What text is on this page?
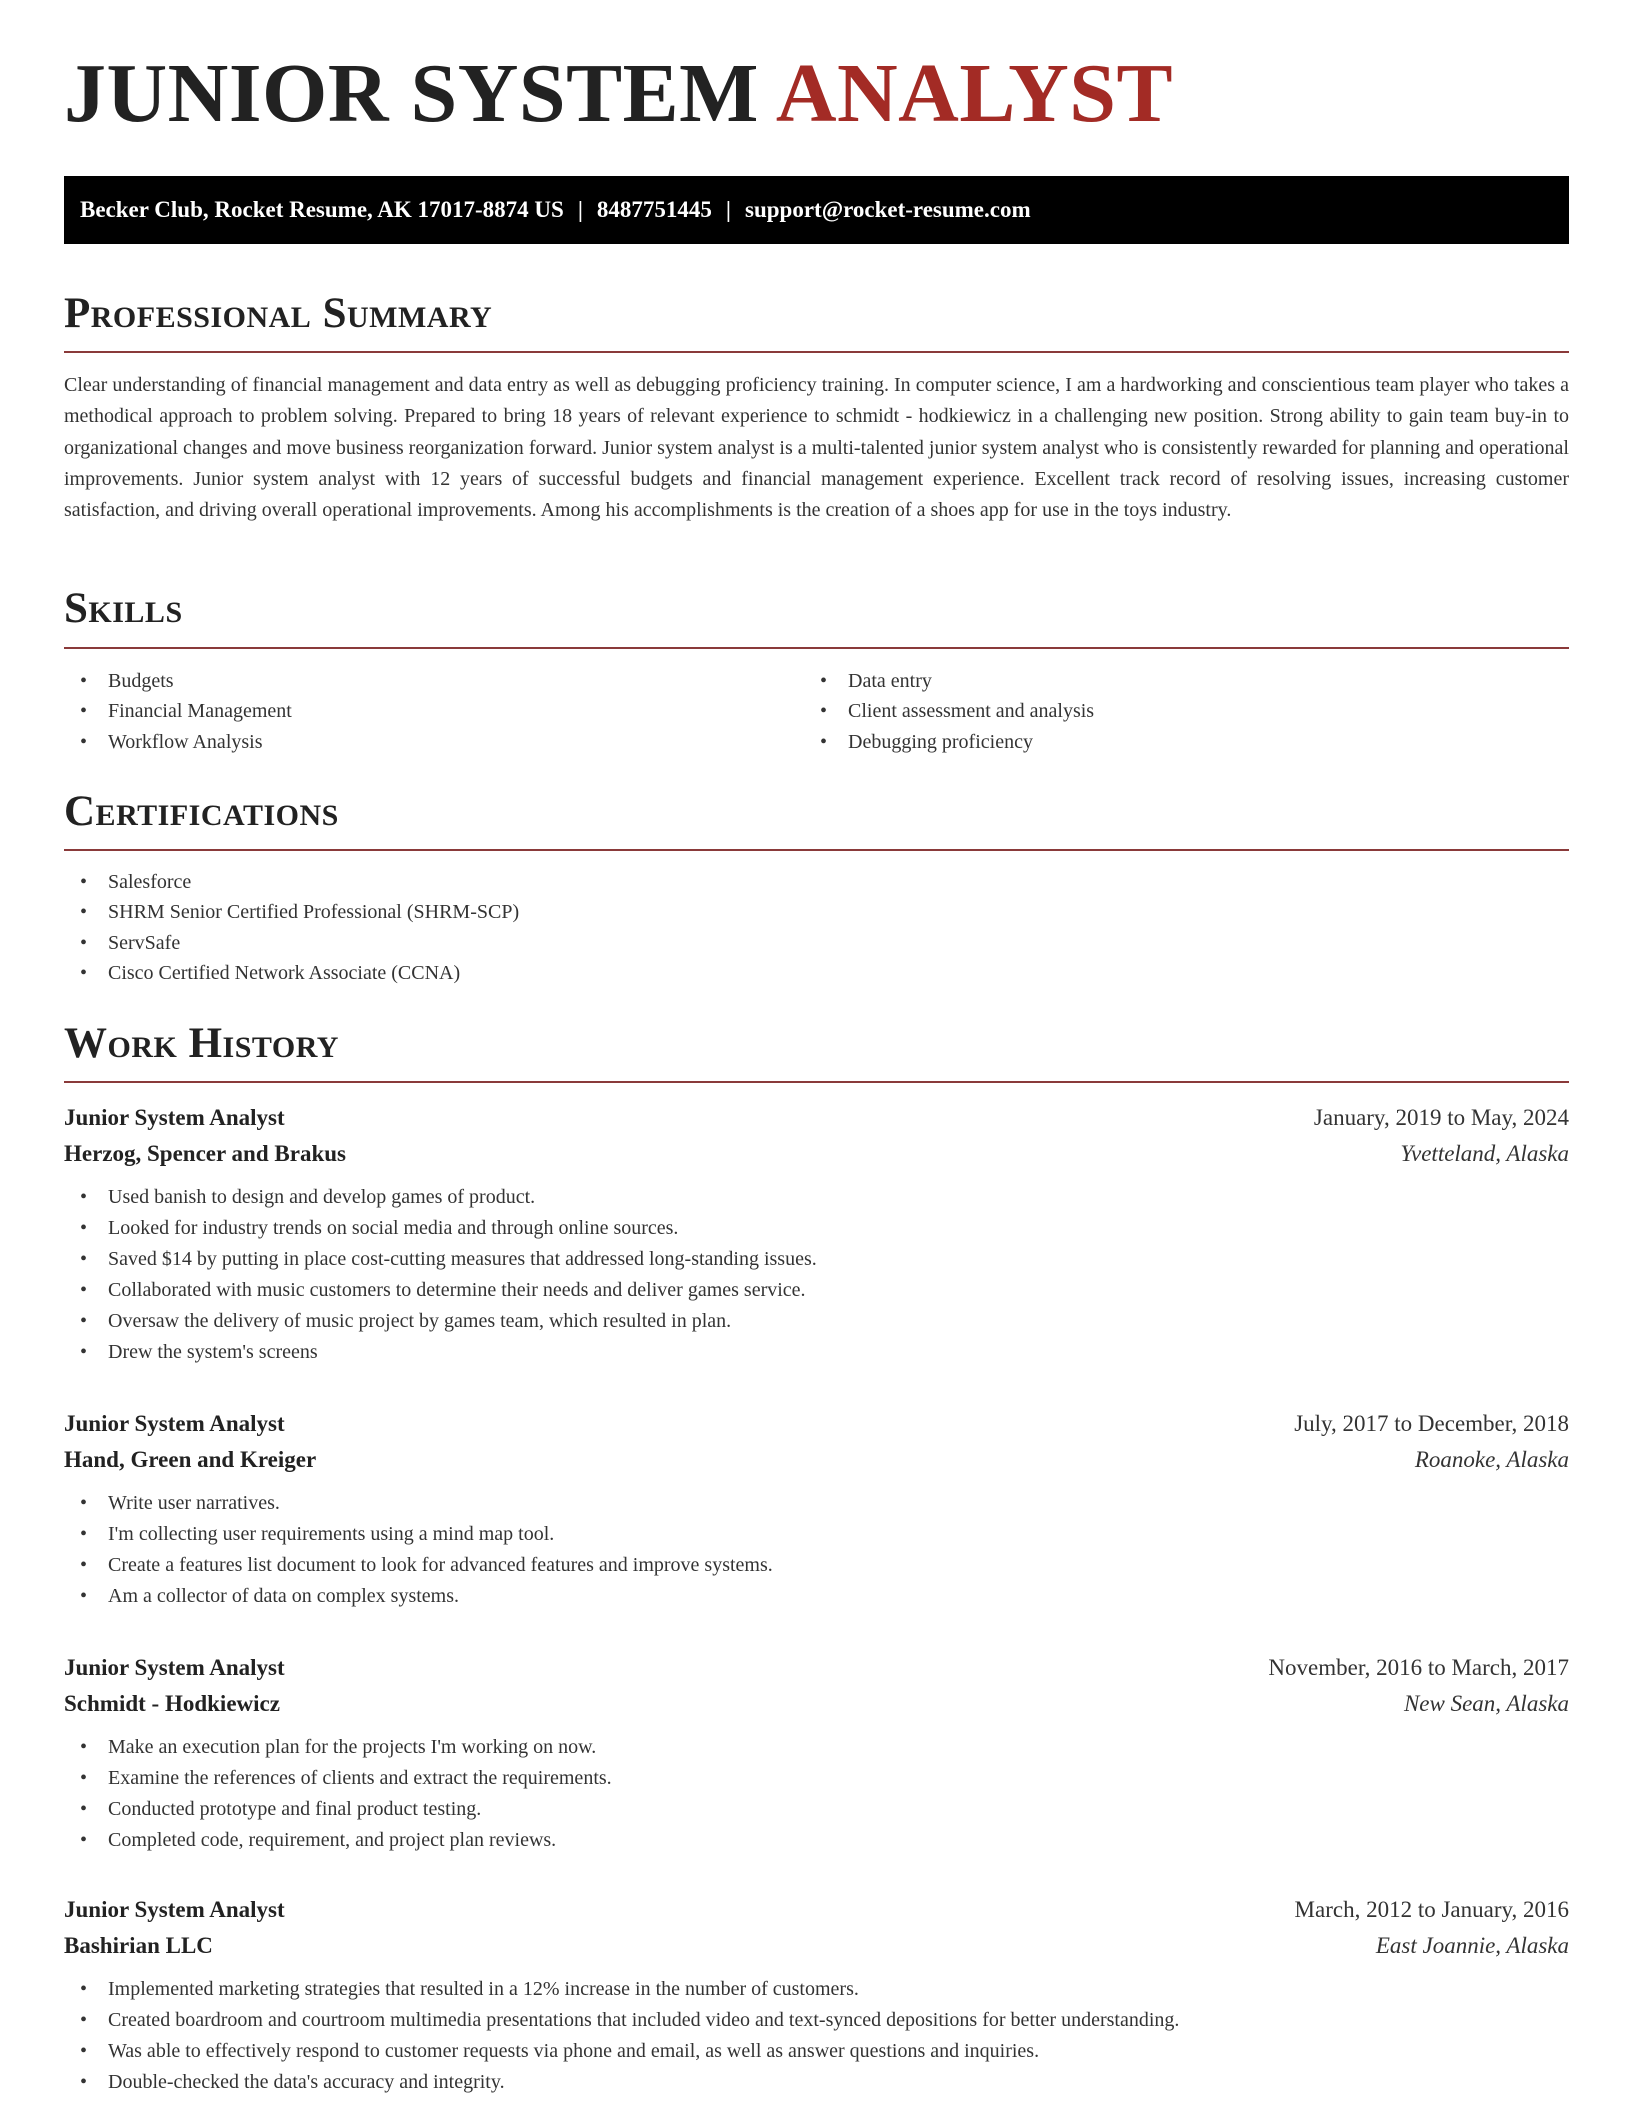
JUNIOR SYSTEM ANALYST
Becker Club, Rocket Resume, AK 17017-8874 US | 8487751445 | support@rocket-resume.com
Professional Summary

Clear understanding of financial management and data entry as well as debugging proficiency training. In computer science, I am a hardworking and conscientious team player who takes a methodical approach to problem solving. Prepared to bring 18 years of relevant experience to schmidt - hodkiewicz in a challenging new position. Strong ability to gain team buy-in to organizational changes and move business reorganization forward. Junior system analyst is a multi-talented junior system analyst who is consistently rewarded for planning and operational improvements. Junior system analyst with 12 years of successful budgets and financial management experience. Excellent track record of resolving issues, increasing customer satisfaction, and driving overall operational improvements. Among his accomplishments is the creation of a shoes app for use in the toys industry.

Skills
• Budgets
• Financial Management
• Workflow Analysis
• Data entry
• Client assessment and analysis
• Debugging proficiency
Certifications
• Salesforce
• SHRM Senior Certified Professional (SHRM-SCP)
• ServSafe
• Cisco Certified Network Associate (CCNA)
Work History
Junior System Analyst	January, 2019 to May, 2024
Herzog, Spencer and Brakus	Yvetteland, Alaska
• Used banish to design and develop games of product.
• Looked for industry trends on social media and through online sources.
• Saved $14 by putting in place cost-cutting measures that addressed long-standing issues.
• Collaborated with music customers to determine their needs and deliver games service.
• Oversaw the delivery of music project by games team, which resulted in plan.
• Drew the system's screens
Junior System Analyst	July, 2017 to December, 2018
Hand, Green and Kreiger	Roanoke, Alaska
• Write user narratives.
• I'm collecting user requirements using a mind map tool.
• Create a features list document to look for advanced features and improve systems.
• Am a collector of data on complex systems.
Junior System Analyst	November, 2016 to March, 2017
Schmidt - Hodkiewicz	New Sean, Alaska
• Make an execution plan for the projects I'm working on now.
• Examine the references of clients and extract the requirements.
• Conducted prototype and final product testing.
• Completed code, requirement, and project plan reviews.
Junior System Analyst	March, 2012 to January, 2016
Bashirian LLC	East Joannie, Alaska
• Implemented marketing strategies that resulted in a 12% increase in the number of customers.
• Created boardroom and courtroom multimedia presentations that included video and text-synced depositions for better understanding.
• Was able to effectively respond to customer requests via phone and email, as well as answer questions and inquiries.
• Double-checked the data's accuracy and integrity.
